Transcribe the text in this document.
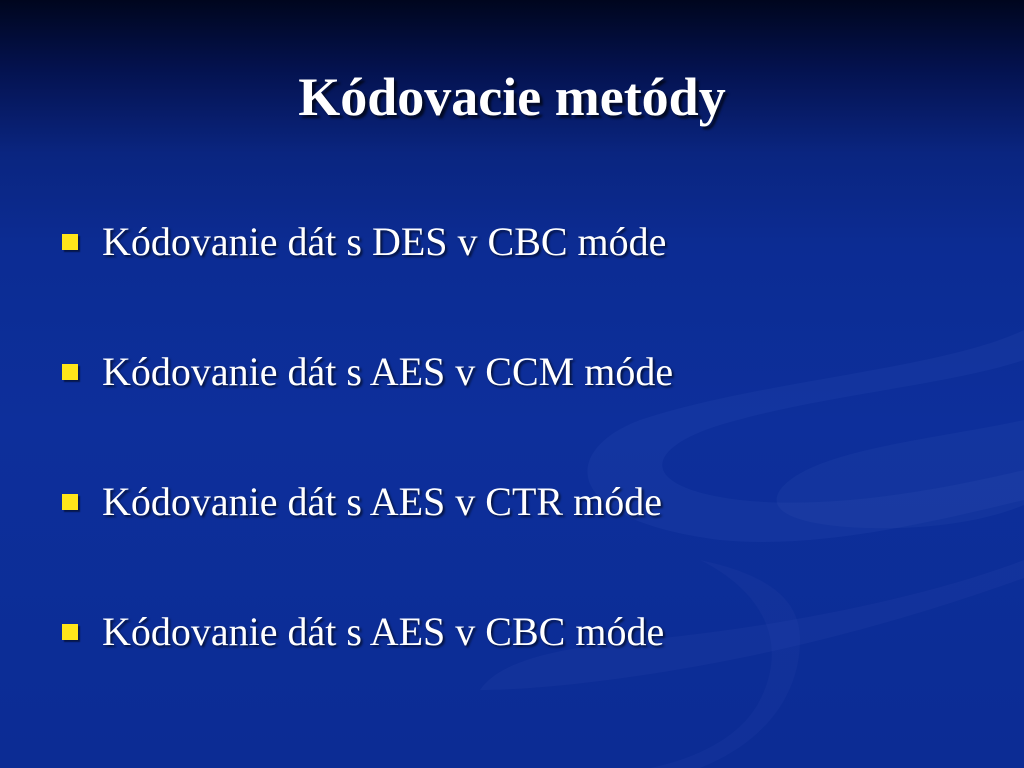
Kódovacie metódy
Kódovanie dát s DES v CBC móde
Kódovanie dát s AES v CCM móde
Kódovanie dát s AES v CTR móde
Kódovanie dát s AES v CBC móde
